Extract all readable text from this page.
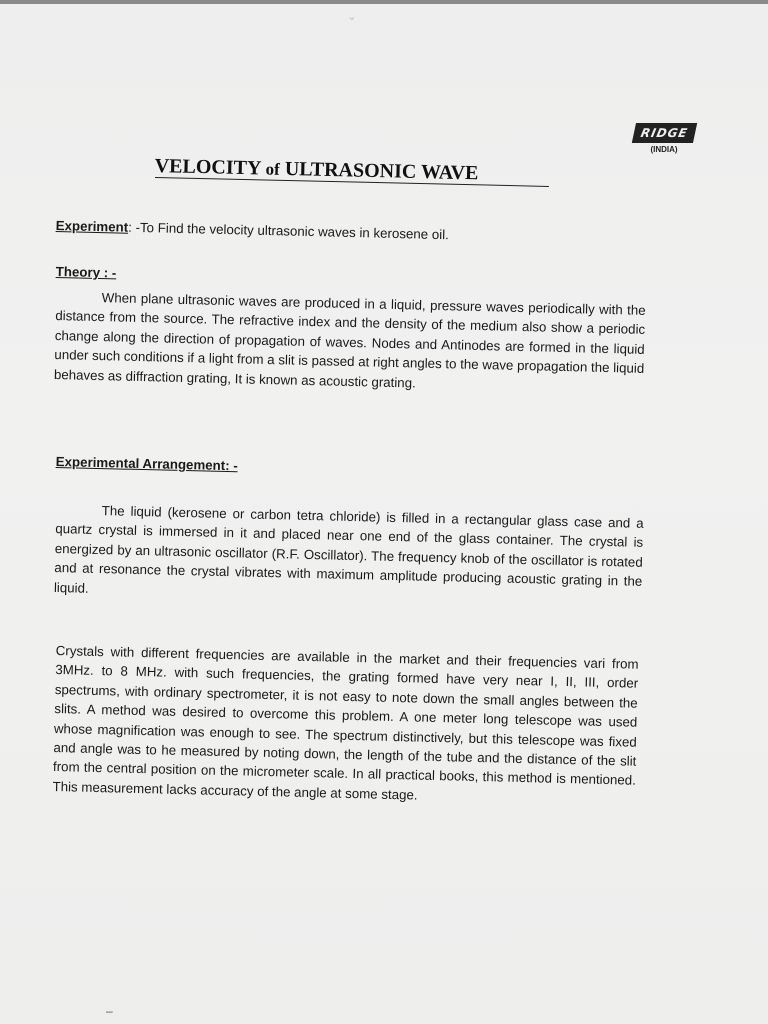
ᵕ
RIDGE
(INDIA)
VELOCITY of ULTRASONIC WAVE
Experiment: -To Find the velocity ultrasonic waves in kerosene oil.
Theory : -

When plane ultrasonic waves are produced in a liquid, pressure waves periodically with the distance from the source. The refractive index and the density of the medium also show a periodic change along the direction of propagation of waves. Nodes and Antinodes are formed in the liquid under such conditions if a light from a slit is passed at right angles to the wave propagation the liquid behaves as diffraction grating, It is known as acoustic grating.

Experimental Arrangement: -

The liquid (kerosene or carbon tetra chloride) is filled in a rectangular glass case and a quartz crystal is immersed in it and placed near one end of the glass container. The crystal is energized by an ultrasonic oscillator (R.F. Oscillator). The frequency knob of the oscillator is rotated and at resonance the crystal vibrates with maximum amplitude producing acoustic grating in the liquid.

Crystals with different frequencies are available in the market and their frequencies vari from 3MHz. to 8 MHz. with such frequencies, the grating formed have very near I, II, III, order spectrums, with ordinary spectrometer, it is not easy to note down the small angles between the slits. A method was desired to overcome this problem. A one meter long telescope was used whose magnification was enough to see. The spectrum distinctively, but this telescope was fixed and angle was to he measured by noting down, the length of the tube and the distance of the slit from the central position on the micrometer scale. In all practical books, this method is mentioned. This measurement lacks accuracy of the angle at some stage.

–
